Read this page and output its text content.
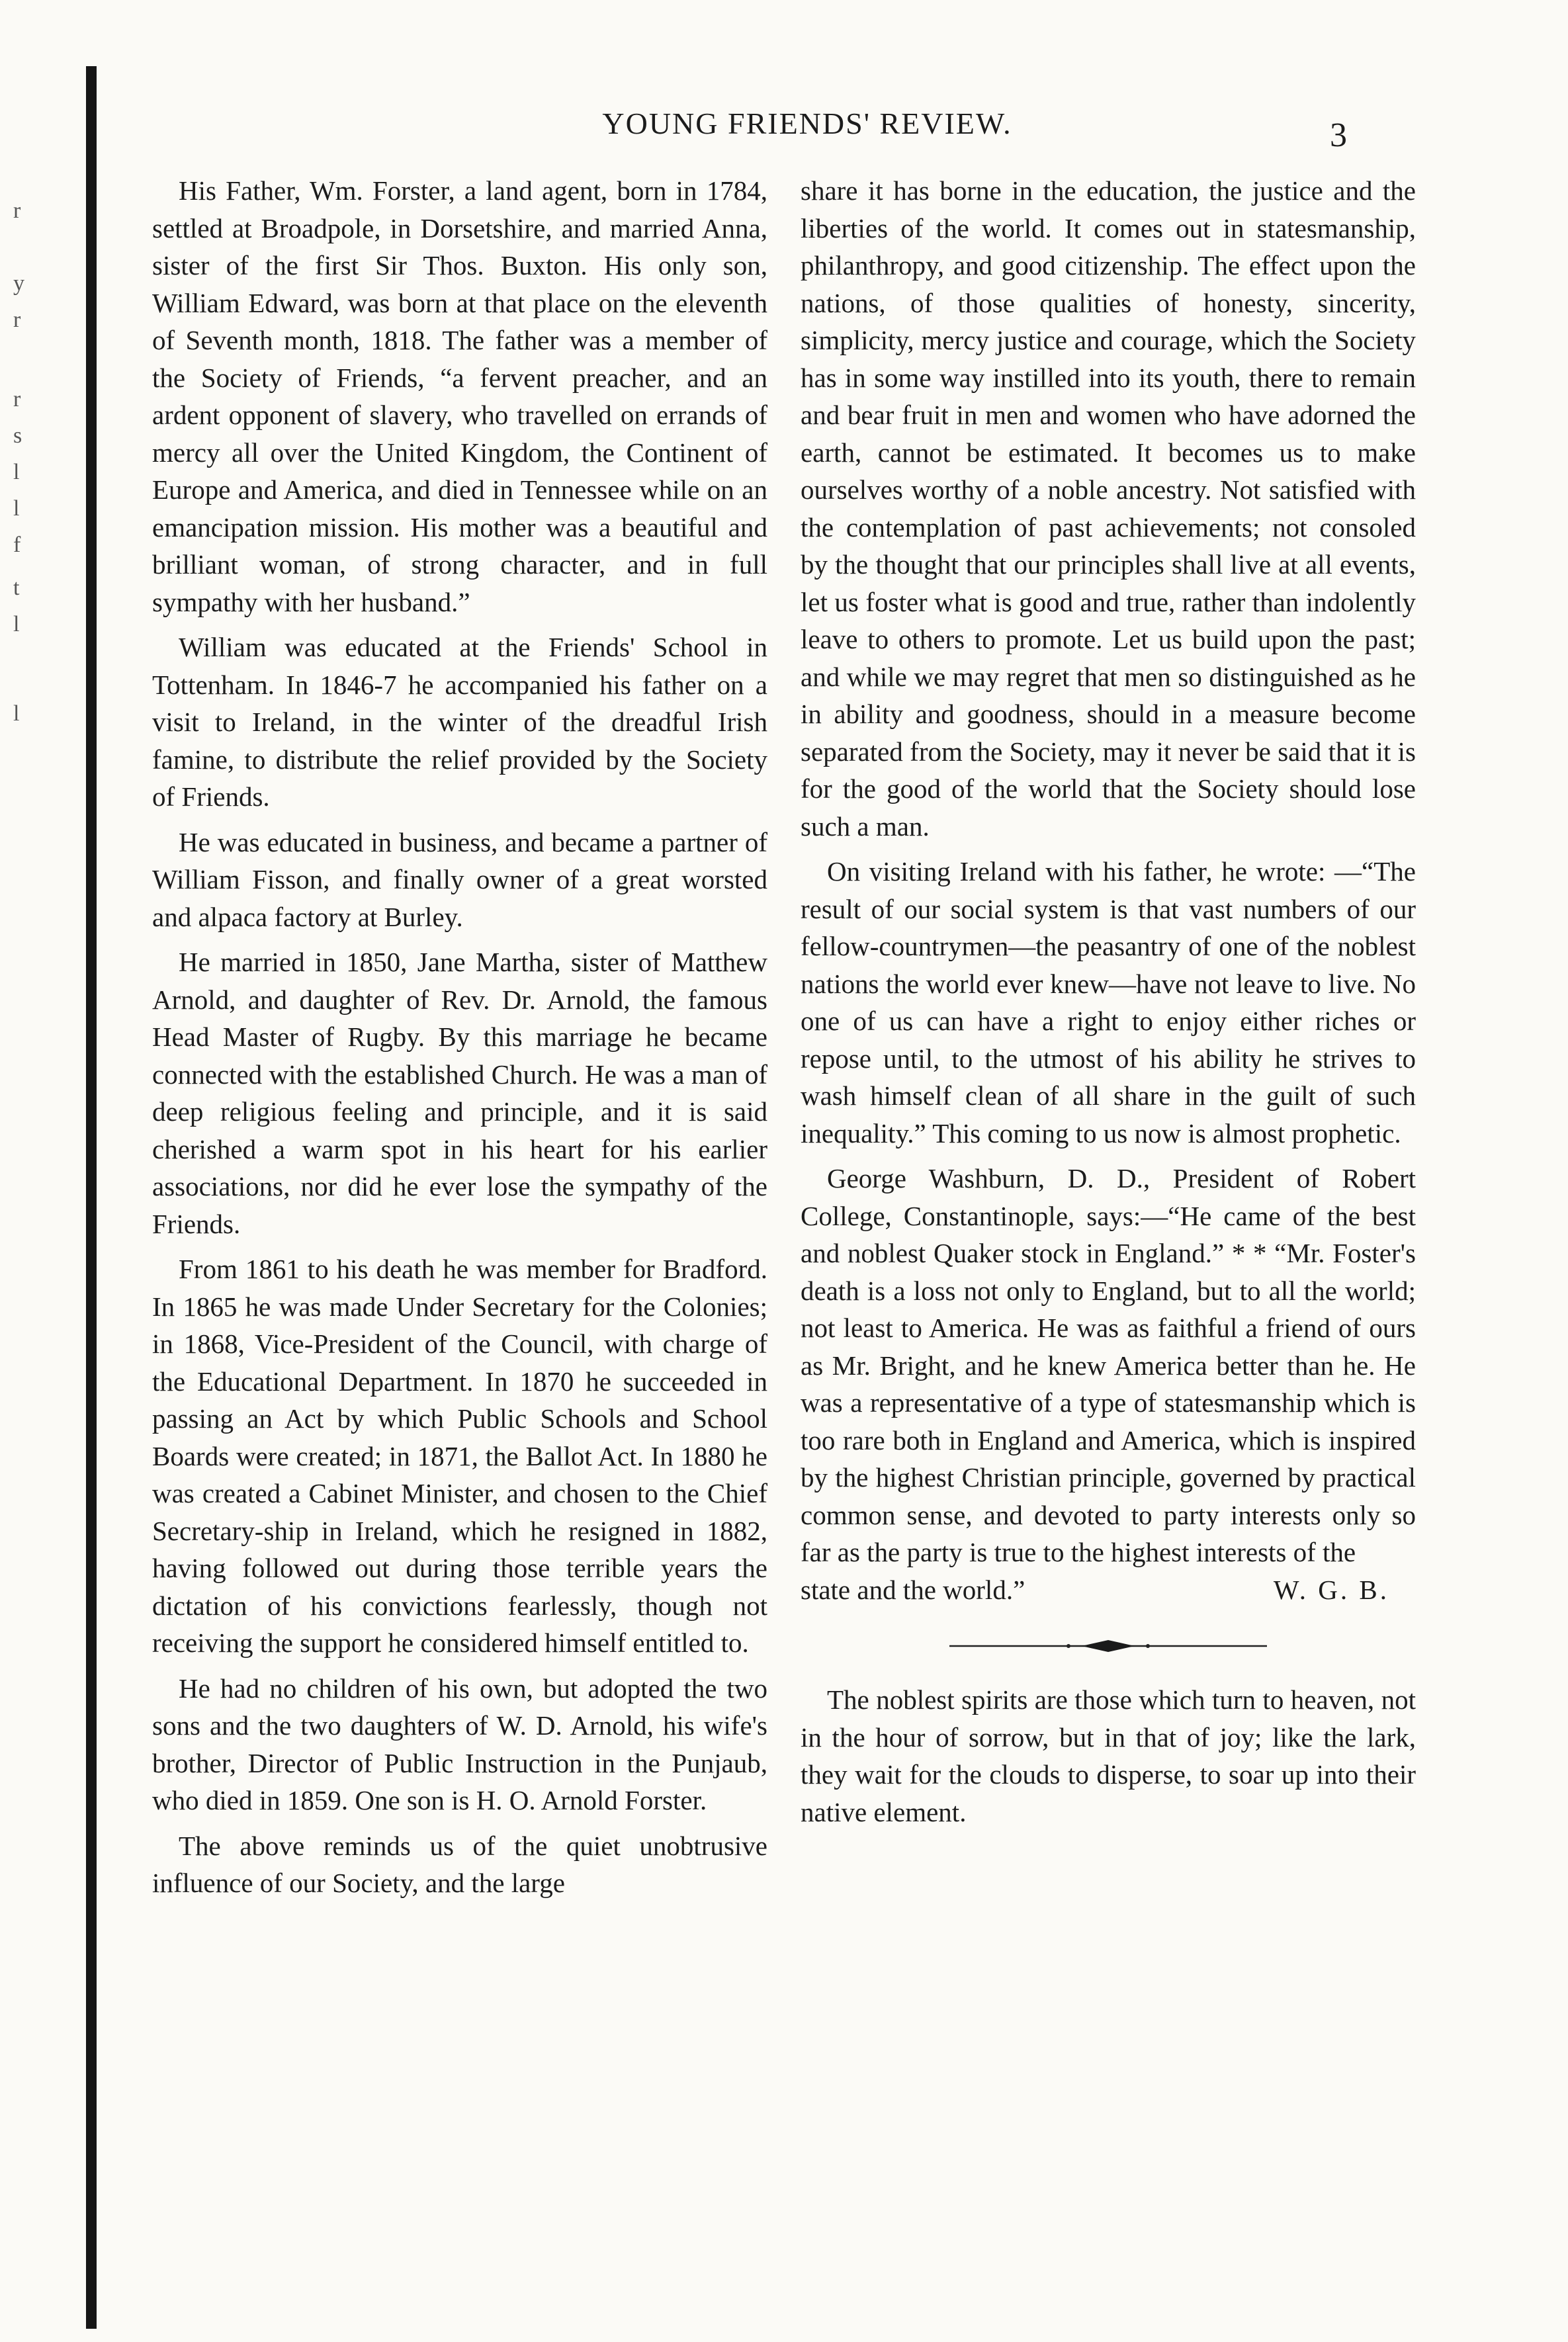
r
y
r
r
s
l
l
f
t
l
l
YOUNG FRIENDS' REVIEW.	3

His Father, Wm. Forster, a land agent, born in 1784, settled at Broadpole, in Dorsetshire, and married Anna, sister of the first Sir Thos. Buxton. His only son, William Edward, was born at that place on the eleventh of Seventh month, 1818. The father was a member of the Society of Friends, “a fervent preacher, and an ardent opponent of slavery, who travelled on errands of mercy all over the United Kingdom, the Continent of Europe and America, and died in Tennessee while on an emancipation mission. His mother was a beautiful and brilliant woman, of strong character, and in full sympathy with her husband.”

William was educated at the Friends' School in Tottenham. In 1846-7 he accompanied his father on a visit to Ireland, in the winter of the dreadful Irish famine, to distribute the relief provided by the Society of Friends.

He was educated in business, and became a partner of William Fisson, and finally owner of a great worsted and alpaca factory at Burley.

He married in 1850, Jane Martha, sister of Matthew Arnold, and daughter of Rev. Dr. Arnold, the famous Head Master of Rugby. By this marriage he became connected with the established Church. He was a man of deep religious feeling and principle, and it is said cherished a warm spot in his heart for his earlier associations, nor did he ever lose the sympathy of the Friends.

From 1861 to his death he was member for Bradford. In 1865 he was made Under Secretary for the Colonies; in 1868, Vice-President of the Council, with charge of the Educational Department. In 1870 he succeeded in passing an Act by which Public Schools and School Boards were created; in 1871, the Ballot Act. In 1880 he was created a Cabinet Minister, and chosen to the Chief Secretary-ship in Ireland, which he resigned in 1882, having followed out during those terrible years the dictation of his convictions fearlessly, though not receiving the support he considered himself entitled to.

He had no children of his own, but adopted the two sons and the two daughters of W. D. Arnold, his wife's brother, Director of Public Instruction in the Punjaub, who died in 1859. One son is H. O. Arnold Forster.

The above reminds us of the quiet unobtrusive influence of our Society, and the large

share it has borne in the education, the justice and the liberties of the world. It comes out in statesmanship, philanthropy, and good citizenship. The effect upon the nations, of those qualities of honesty, sincerity, simplicity, mercy justice and courage, which the Society has in some way instilled into its youth, there to remain and bear fruit in men and women who have adorned the earth, cannot be estimated. It becomes us to make ourselves worthy of a noble ancestry. Not satisfied with the contemplation of past achievements; not consoled by the thought that our principles shall live at all events, let us foster what is good and true, rather than indolently leave to others to promote. Let us build upon the past; and while we may regret that men so distinguished as he in ability and goodness, should in a measure become separated from the Society, may it never be said that it is for the good of the world that the Society should lose such a man.

On visiting Ireland with his father, he wrote: —“The result of our social system is that vast numbers of our fellow-countrymen—the peasantry of one of the noblest nations the world ever knew—have not leave to live. No one of us can have a right to enjoy either riches or repose until, to the utmost of his ability he strives to wash himself clean of all share in the guilt of such inequality.” This coming to us now is almost prophetic.

George Washburn, D. D., President of Robert College, Constantinople, says:—“He came of the best and noblest Quaker stock in England.” * * “Mr. Foster's death is a loss not only to England, but to all the world; not least to America. He was as faithful a friend of ours as Mr. Bright, and he knew America better than he. He was a representative of a type of statesmanship which is too rare both in England and America, which is inspired by the highest Christian principle, governed by practical common sense, and devoted to party interests only so far as the party is true to the highest interests of the

state and the world.”	W. G. B.

The noblest spirits are those which turn to heaven, not in the hour of sorrow, but in that of joy; like the lark, they wait for the clouds to disperse, to soar up into their native element.
